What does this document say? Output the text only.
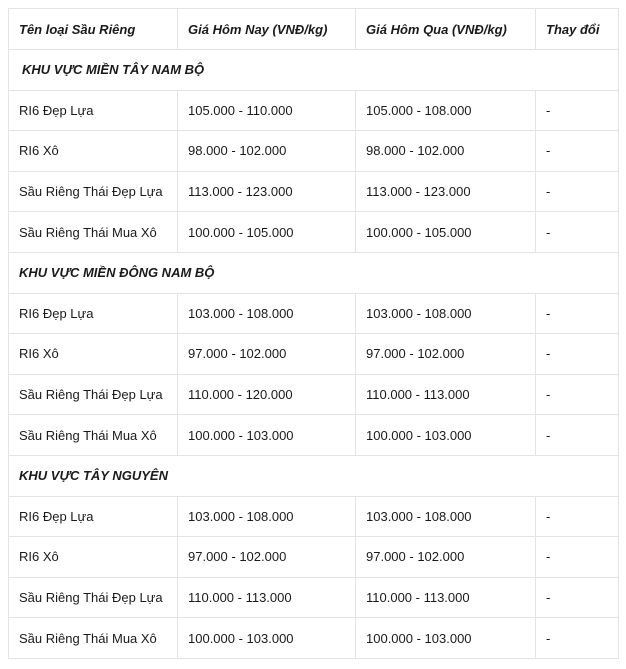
Tên loại Sầu Riêng	Giá Hôm Nay (VNĐ/kg)	Giá Hôm Qua (VNĐ/kg)	Thay đổi
KHU VỰC MIỀN TÂY NAM BỘ			
RI6 Đẹp Lựa	105.000 - 110.000	105.000 - 108.000	-
RI6 Xô	98.000 - 102.000	98.000 - 102.000	-
Sầu Riêng Thái Đẹp Lựa	113.000 - 123.000	113.000 - 123.000	-
Sầu Riêng Thái Mua Xô	100.000 - 105.000	100.000 - 105.000	-
KHU VỰC MIỀN ĐÔNG NAM BỘ			
RI6 Đẹp Lựa	103.000 - 108.000	103.000 - 108.000	-
RI6 Xô	97.000 - 102.000	97.000 - 102.000	-
Sầu Riêng Thái Đẹp Lựa	110.000 - 120.000	110.000 - 113.000	-
Sầu Riêng Thái Mua Xô	100.000 - 103.000	100.000 - 103.000	-
KHU VỰC TÂY NGUYÊN			
RI6 Đẹp Lựa	103.000 - 108.000	103.000 - 108.000	-
RI6 Xô	97.000 - 102.000	97.000 - 102.000	-
Sầu Riêng Thái Đẹp Lựa	110.000 - 113.000	110.000 - 113.000	-
Sầu Riêng Thái Mua Xô	100.000 - 103.000	100.000 - 103.000	-
